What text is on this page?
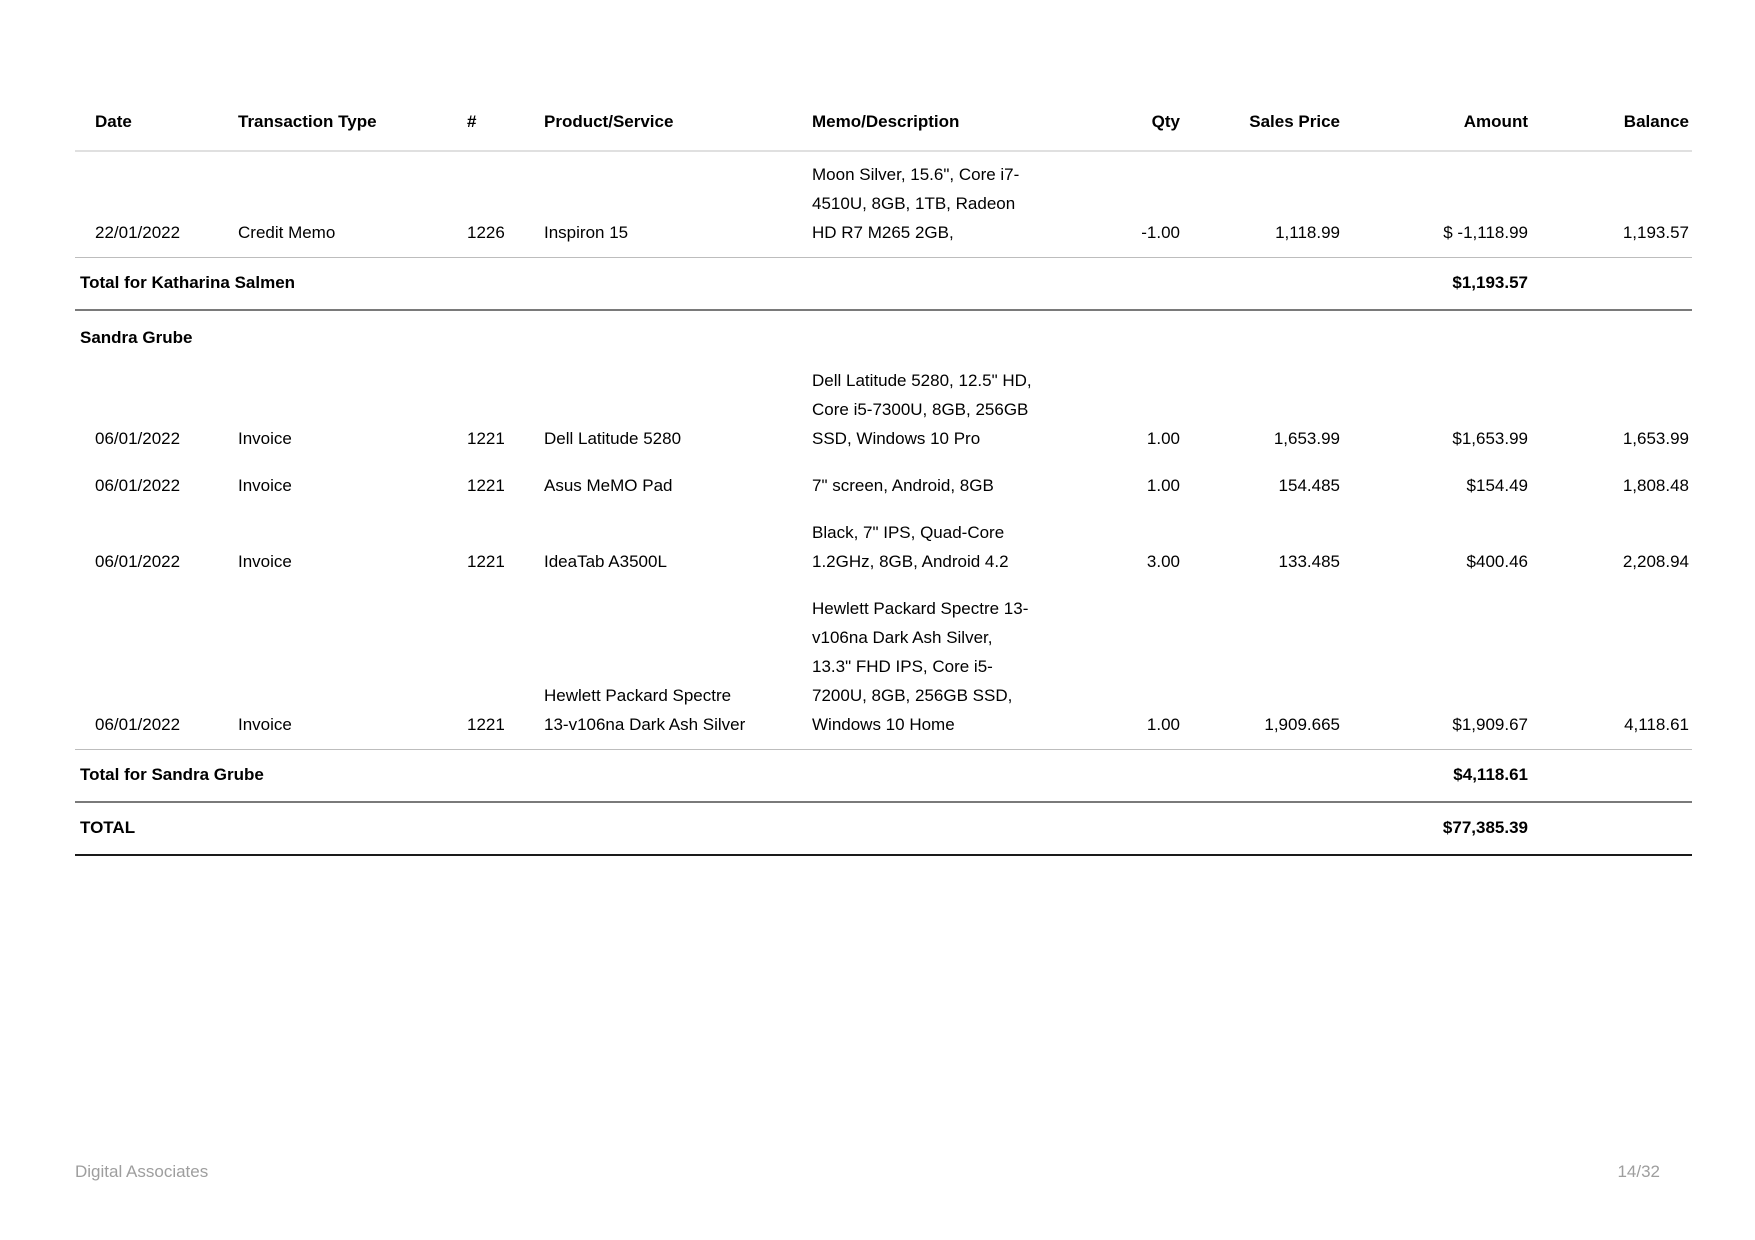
Date	Transaction Type	#	Product/Service	Memo/Description	Qty	Sales Price	Amount	Balance
22/01/2022	Credit Memo	1226	Inspiron 15	Moon Silver, 15.6", Core i7-4510U, 8GB, 1TB, Radeon HD R7 M265 2GB,	-1.00	1,118.99	$ -1,118.99	1,193.57
Total for Katharina Salmen							$1,193.57	
Sandra Grube								
06/01/2022	Invoice	1221	Dell Latitude 5280	Dell Latitude 5280, 12.5" HD, Core i5-7300U, 8GB, 256GB SSD, Windows 10 Pro	1.00	1,653.99	$1,653.99	1,653.99
06/01/2022	Invoice	1221	Asus MeMO Pad	7" screen, Android, 8GB	1.00	154.485	$154.49	1,808.48
06/01/2022	Invoice	1221	IdeaTab A3500L	Black, 7" IPS, Quad-Core 1.2GHz, 8GB, Android 4.2	3.00	133.485	$400.46	2,208.94
06/01/2022	Invoice	1221	Hewlett Packard Spectre 13-v106na Dark Ash Silver	Hewlett Packard Spectre 13-v106na Dark Ash Silver, 13.3" FHD IPS, Core i5-7200U, 8GB, 256GB SSD, Windows 10 Home	1.00	1,909.665	$1,909.67	4,118.61
Total for Sandra Grube							$4,118.61	
TOTAL							$77,385.39	
Digital Associates	14/32
